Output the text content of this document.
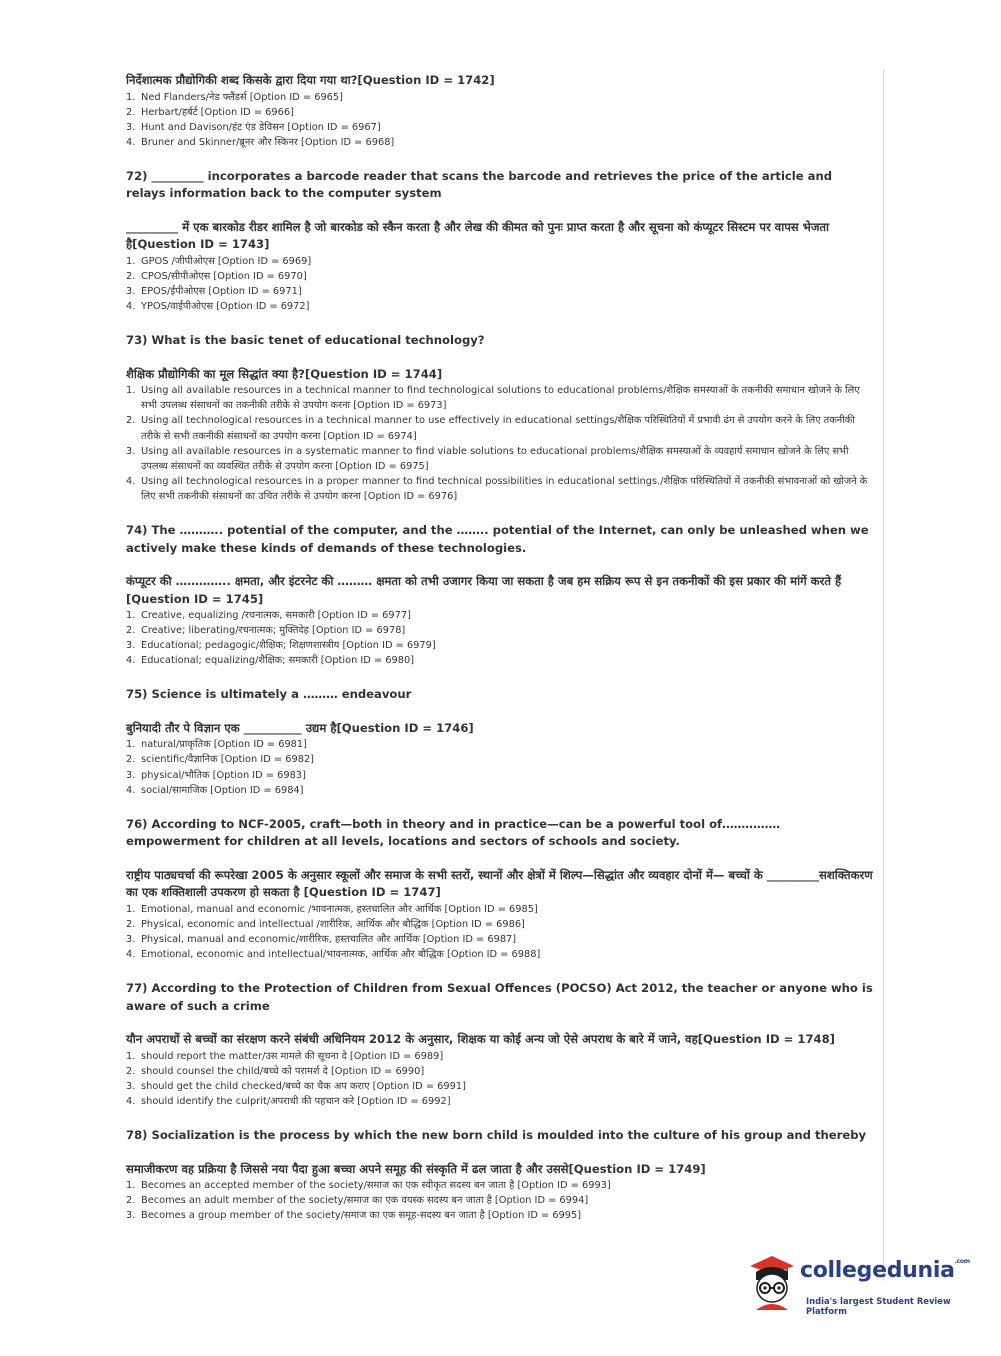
निर्देशात्मक प्रौद्योगिकी शब्द किसके द्वारा दिया गया था?[Question ID = 1742]

1. Ned Flanders/नेड फ्लैंडर्स [Option ID = 6965]
2. Herbart/हर्बर्ट [Option ID = 6966]
3. Hunt and Davison/हंट एंड डेविसन [Option ID = 6967]
4. Bruner and Skinner/ब्रूनर और स्किनर [Option ID = 6968]

72) _________ incorporates a barcode reader that scans the barcode and retrieves the price of the article and relays information back to the computer system

_________ में एक बारकोड रीडर शामिल है जो बारकोड को स्कैन करता है और लेख की कीमत को पुनः प्राप्त करता है और सूचना को कंप्यूटर सिस्टम पर वापस भेजता है[Question ID = 1743]

1. GPOS /जीपीओएस [Option ID = 6969]
2. CPOS/सीपीओएस [Option ID = 6970]
3. EPOS/ईपीओएस [Option ID = 6971]
4. YPOS/वाईपीओएस [Option ID = 6972]

73) What is the basic tenet of educational technology?

शैक्षिक प्रौद्योगिकी का मूल सिद्धांत क्या है?[Question ID = 1744]

1. Using all available resources in a technical manner to find technological solutions to educational problems/शैक्षिक समस्याओं के तकनीकी समाधान खोजने के लिए सभी उपलब्ध संसाधनों का तकनीकी तरीके से उपयोग करना [Option ID = 6973]
2. Using all technological resources in a technical manner to use effectively in educational settings/शैक्षिक परिस्थितियों में प्रभावी ढंग से उपयोग करने के लिए तकनीकी तरीके से सभी तकनीकी संसाधनों का उपयोग करना [Option ID = 6974]
3. Using all available resources in a systematic manner to find viable solutions to educational problems/शैक्षिक समस्याओं के व्यवहार्य समाधान खोजने के लिए सभी उपलब्ध संसाधनों का व्यवस्थित तरीके से उपयोग करना [Option ID = 6975]
4. Using all technological resources in a proper manner to find technical possibilities in educational settings./शैक्षिक परिस्थितियों में तकनीकी संभावनाओं को खोजने के लिए सभी तकनीकी संसाधनों का उचित तरीके से उपयोग करना [Option ID = 6976]

74) The ……….. potential of the computer, and the …….. potential of the Internet, can only be unleashed when we actively make these kinds of demands of these technologies.

कंप्यूटर की ………….. क्षमता, और इंटरनेट की ……… क्षमता को तभी उजागर किया जा सकता है जब हम सक्रिय रूप से इन तकनीकों की इस प्रकार की मांगें करते हैं [Question ID = 1745]

1. Creative, equalizing /रचनात्मक, समकारी [Option ID = 6977]
2. Creative; liberating/रचनात्मक; मुक्तिदेह [Option ID = 6978]
3. Educational; pedagogic/शैक्षिक; शिक्षणशास्त्रीय [Option ID = 6979]
4. Educational; equalizing/शैक्षिक; समकारी [Option ID = 6980]

75) Science is ultimately a ……… endeavour

बुनियादी तौर पे विज्ञान एक __________ उद्यम है[Question ID = 1746]

1. natural/प्राकृतिक [Option ID = 6981]
2. scientific/वैज्ञानिक [Option ID = 6982]
3. physical/भौतिक [Option ID = 6983]
4. social/सामाजिक [Option ID = 6984]

76) According to NCF-2005, craft—both in theory and in practice—can be a powerful tool of…………… empowerment for children at all levels, locations and sectors of schools and society.

राष्ट्रीय पाठ्यचर्चा की रूपरेखा 2005 के अनुसार स्कूलों और समाज के सभी स्तरों, स्थानों और क्षेत्रों में शिल्प—सिद्धांत और व्यवहार दोनों में— बच्चों के _________सशक्तिकरण का एक शक्तिशाली उपकरण हो सकता है [Question ID = 1747]

1. Emotional, manual and economic /भावनात्मक, हस्तचालित और आर्थिक [Option ID = 6985]
2. Physical, economic and intellectual /शारीरिक, आर्थिक और बौद्धिक [Option ID = 6986]
3. Physical, manual and economic/शारीरिक, हस्तचालित और आर्थिक [Option ID = 6987]
4. Emotional, economic and intellectual/भावनात्मक, आर्थिक और बौद्धिक [Option ID = 6988]

77) According to the Protection of Children from Sexual Offences (POCSO) Act 2012, the teacher or anyone who is aware of such a crime

यौन अपराधों से बच्चों का संरक्षण करने संबंधी अधिनियम 2012 के अनुसार, शिक्षक या कोई अन्य जो ऐसे अपराध के बारे में जाने, वह[Question ID = 1748]

1. should report the matter/उस मामले की सूचना दे [Option ID = 6989]
2. should counsel the child/बच्चे को परामर्श दे [Option ID = 6990]
3. should get the child checked/बच्चे का चैक अप कराए [Option ID = 6991]
4. should identify the culprit/अपराधी की पहचान करे [Option ID = 6992]

78) Socialization is the process by which the new born child is moulded into the culture of his group and thereby

समाजीकरण वह प्रक्रिया है जिससे नया पैदा हुआ बच्चा अपने समूह की संस्कृति में ढल जाता है और उससे[Question ID = 1749]

1. Becomes an accepted member of the society/समाज का एक स्वीकृत सदस्य बन जाता है [Option ID = 6993]
2. Becomes an adult member of the society/समाज का एक वयस्क सदस्य बन जाता है [Option ID = 6994]
3. Becomes a group member of the society/समाज का एक समूह-सदस्य बन जाता है [Option ID = 6995]
collegedunia$^{.com}$
India's largest Student Review Platform
